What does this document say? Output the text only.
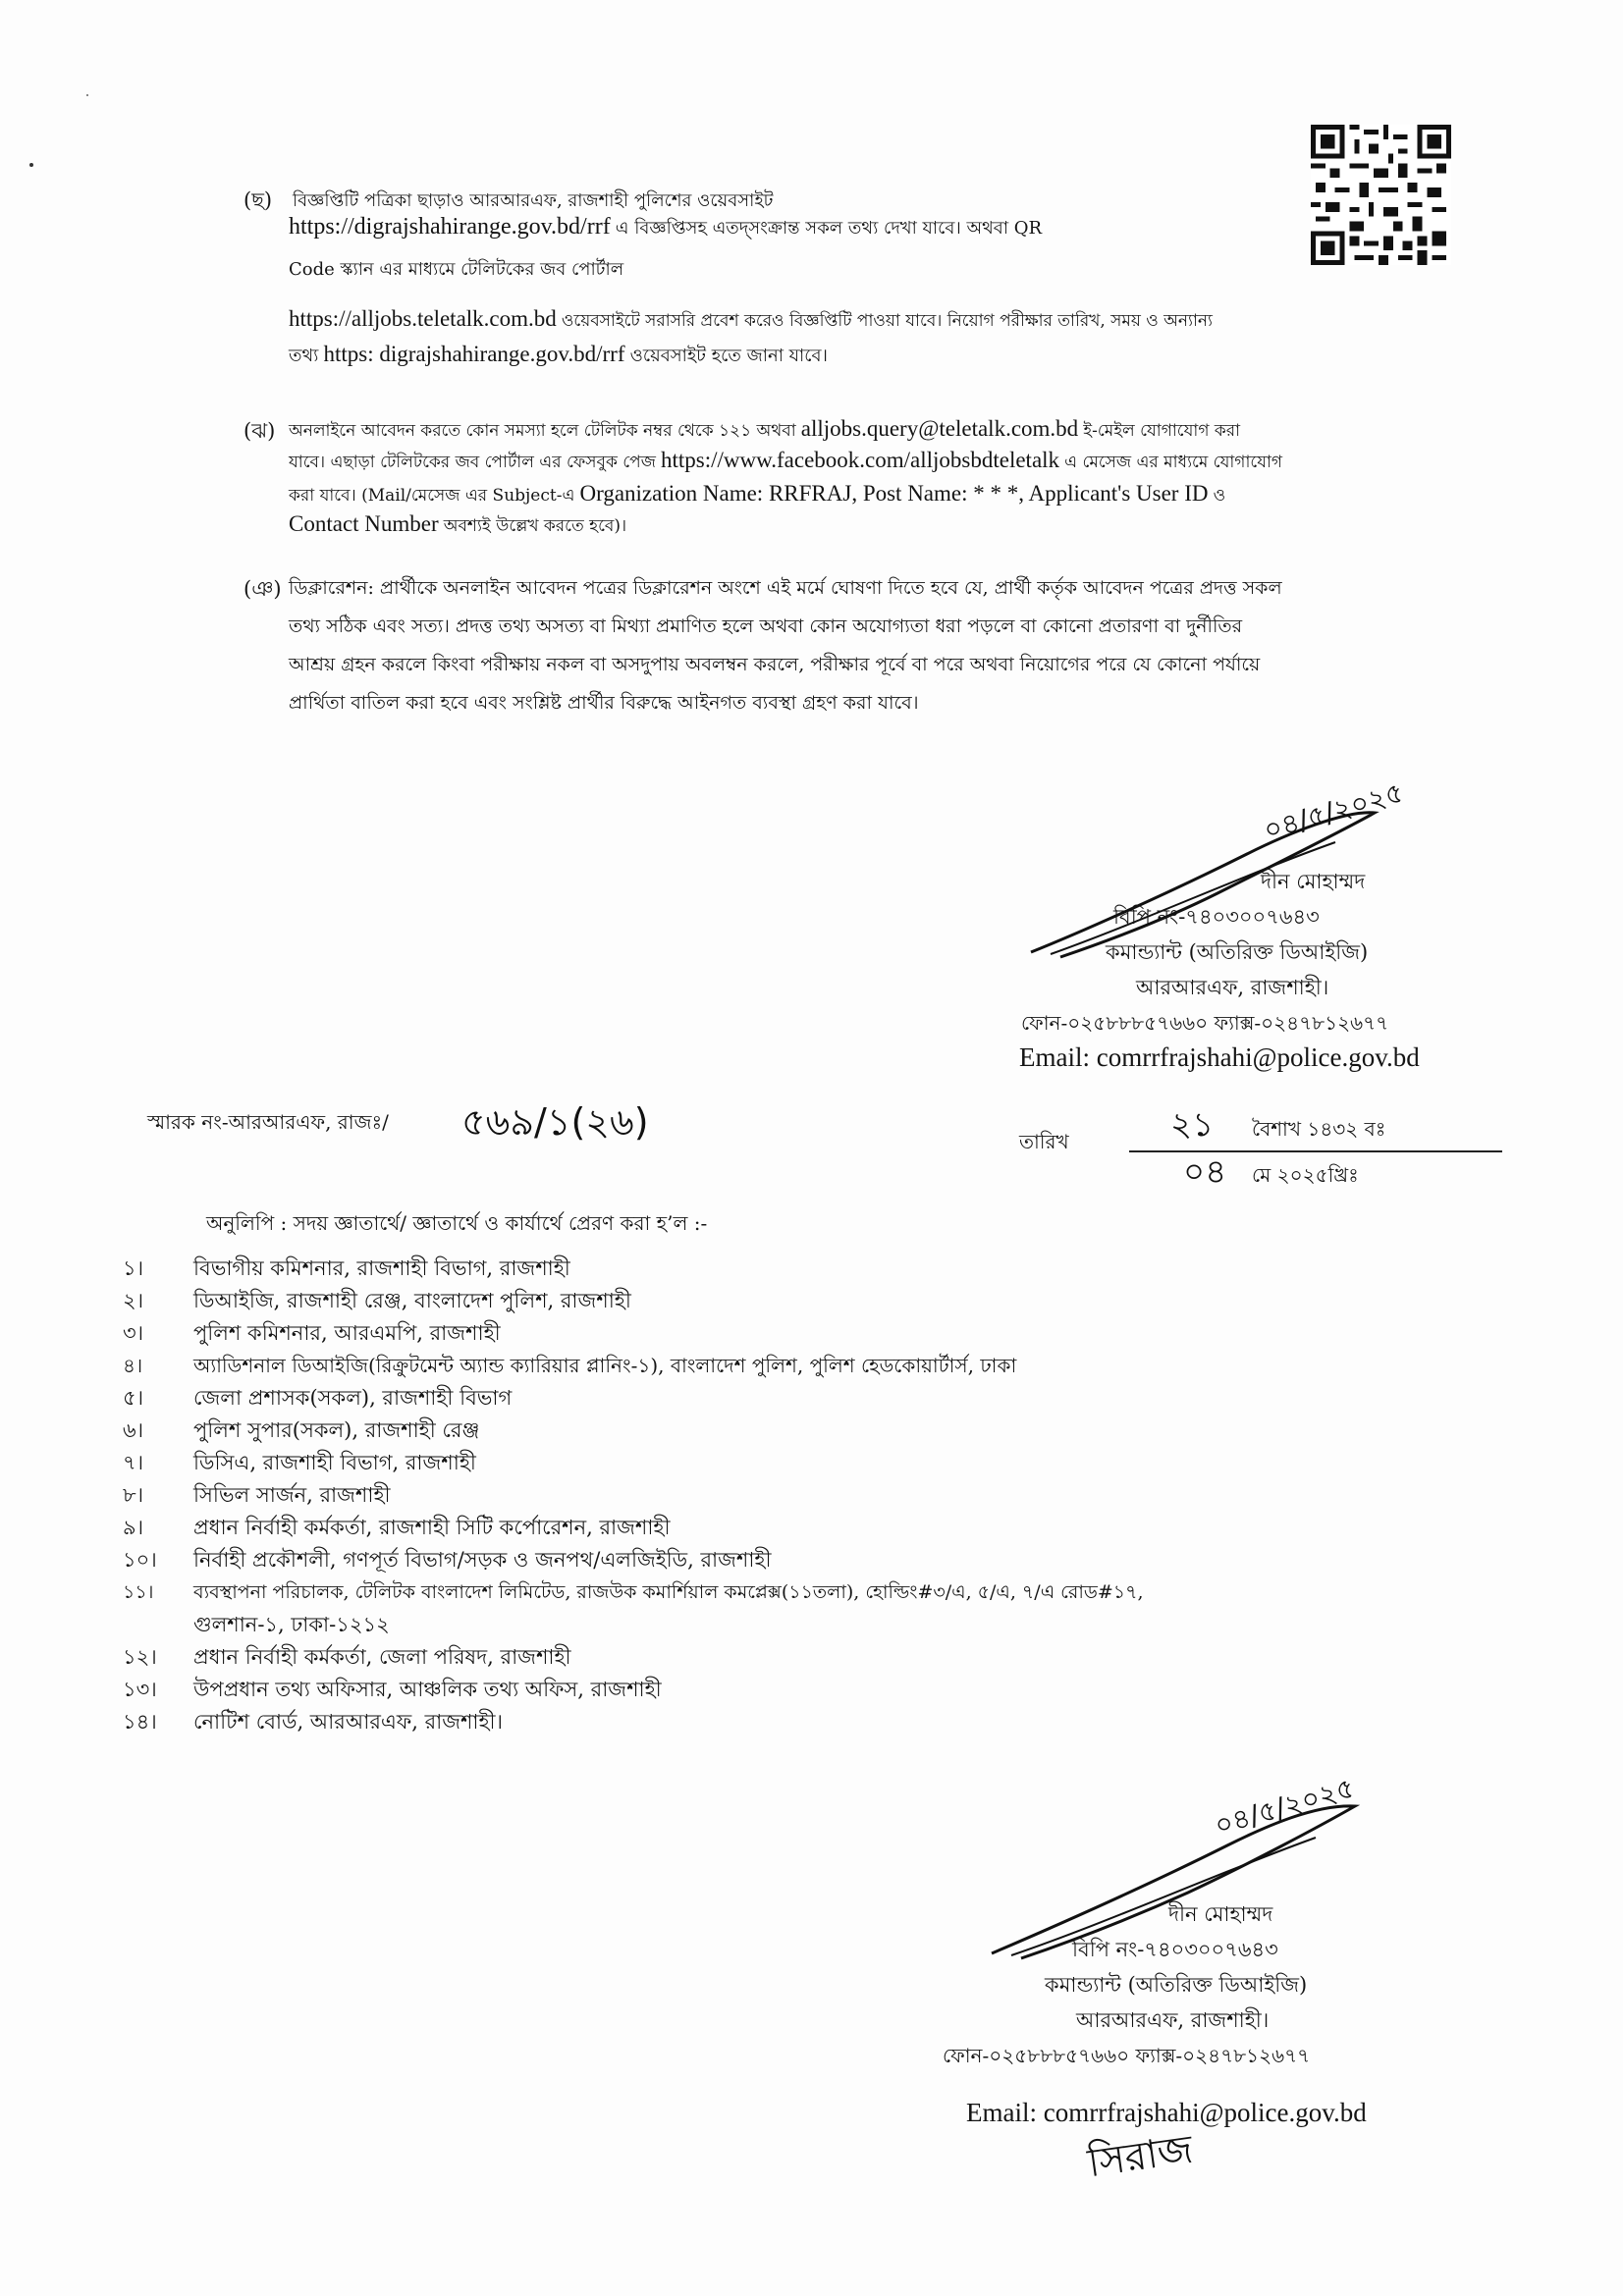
(ছ) বিজ্ঞপ্তিটি পত্রিকা ছাড়াও আরআরএফ, রাজশাহী পুলিশের ওয়েবসাইট
https://digrajshahirange.gov.bd/rrf এ বিজ্ঞপ্তিসহ এতদ্সংক্রান্ত সকল তথ্য দেখা যাবে। অথবা QR
Code স্ক্যান এর মাধ্যমে টেলিটকের জব পোর্টাল
https://alljobs.teletalk.com.bd ওয়েবসাইটে সরাসরি প্রবেশ করেও বিজ্ঞপ্তিটি পাওয়া যাবে। নিয়োগ পরীক্ষার তারিখ, সময় ও অন্যান্য
তথ্য https: digrajshahirange.gov.bd/rrf ওয়েবসাইট হতে জানা যাবে।
(ঝ) অনলাইনে আবেদন করতে কোন সমস্যা হলে টেলিটক নম্বর থেকে ১২১ অথবা alljobs.query@teletalk.com.bd ই-মেইল যোগাযোগ করা
যাবে। এছাড়া টেলিটকের জব পোর্টাল এর ফেসবুক পেজ https://www.facebook.com/alljobsbdteletalk এ মেসেজ এর মাধ্যমে যোগাযোগ
করা যাবে। (Mail/মেসেজ এর Subject-এ Organization Name: RRFRAJ, Post Name: * * *, Applicant's User ID ও
Contact Number অবশ্যই উল্লেখ করতে হবে)।
(ঞ) ডিক্লারেশন: প্রার্থীকে অনলাইন আবেদন পত্রের ডিক্লারেশন অংশে এই মর্মে ঘোষণা দিতে হবে যে, প্রার্থী কর্তৃক আবেদন পত্রের প্রদত্ত সকল
তথ্য সঠিক এবং সত্য। প্রদত্ত তথ্য অসত্য বা মিথ্যা প্রমাণিত হলে অথবা কোন অযোগ্যতা ধরা পড়লে বা কোনো প্রতারণা বা দুর্নীতির
আশ্রয় গ্রহন করলে কিংবা পরীক্ষায় নকল বা অসদুপায় অবলম্বন করলে, পরীক্ষার পূর্বে বা পরে অথবা নিয়োগের পরে যে কোনো পর্যায়ে
প্রার্থিতা বাতিল করা হবে এবং সংশ্লিষ্ট প্রার্থীর বিরুদ্ধে আইনগত ব্যবস্থা গ্রহণ করা যাবে।
০৪/৫/২০২৫
দীন মোহাম্মদ
বিপি নং-৭৪০৩০০৭৬৪৩
কমান্ড্যান্ট (অতিরিক্ত ডিআইজি)
আরআরএফ, রাজশাহী।
ফোন-০২৫৮৮৮৫৭৬৬০ ফ্যাক্স-০২৪৭৮১২৬৭৭
Email: comrrfrajshahi@police.gov.bd
স্মারক নং-আরআরএফ, রাজঃ/ ৫৬৯/১(২৬)	তারিখ	২১ বৈশাখ ১৪৩২ বঃ
০৪ মে ২০২৫খ্রিঃ
অনুলিপি : সদয় জ্ঞাতার্থে/ জ্ঞাতার্থে ও কার্যার্থে প্রেরণ করা হ’ল :-
১। বিভাগীয় কমিশনার, রাজশাহী বিভাগ, রাজশাহী
২। ডিআইজি, রাজশাহী রেঞ্জ, বাংলাদেশ পুলিশ, রাজশাহী
৩। পুলিশ কমিশনার, আরএমপি, রাজশাহী
৪।	অ্যাডিশনাল ডিআইজি(রিক্রুটমেন্ট অ্যান্ড ক্যারিয়ার প্লানিং-১), বাংলাদেশ পুলিশ, পুলিশ হেডকোয়ার্টার্স, ঢাকা
৫। জেলা প্রশাসক(সকল), রাজশাহী বিভাগ
৬। পুলিশ সুপার(সকল), রাজশাহী রেঞ্জ
৭। ডিসিএ, রাজশাহী বিভাগ, রাজশাহী
৮। সিভিল সার্জন, রাজশাহী
৯। প্রধান নির্বাহী কর্মকর্তা, রাজশাহী সিটি কর্পোরেশন, রাজশাহী
১০। নির্বাহী প্রকৌশলী, গণপূর্ত বিভাগ/সড়ক ও জনপথ/এলজিইডি, রাজশাহী
১১। ব্যবস্থাপনা পরিচালক, টেলিটক বাংলাদেশ লিমিটেড, রাজউক কমার্শিয়াল কমপ্লেক্স(১১তলা), হোল্ডিং#৩/এ, ৫/এ, ৭/এ রোড#১৭,
গুলশান-১, ঢাকা-১২১২
১২। প্রধান নির্বাহী কর্মকর্তা, জেলা পরিষদ, রাজশাহী
১৩। উপপ্রধান তথ্য অফিসার, আঞ্চলিক তথ্য অফিস, রাজশাহী
১৪। নোটিশ বোর্ড, আরআরএফ, রাজশাহী।
০৪/৫/২০২৫
দীন মোহাম্মদ
বিপি নং-৭৪০৩০০৭৬৪৩
কমান্ড্যান্ট (অতিরিক্ত ডিআইজি)
আরআরএফ, রাজশাহী।
ফোন-০২৫৮৮৮৫৭৬৬০ ফ্যাক্স-০২৪৭৮১২৬৭৭
Email: comrrfrajshahi@police.gov.bd
সিরাজ
